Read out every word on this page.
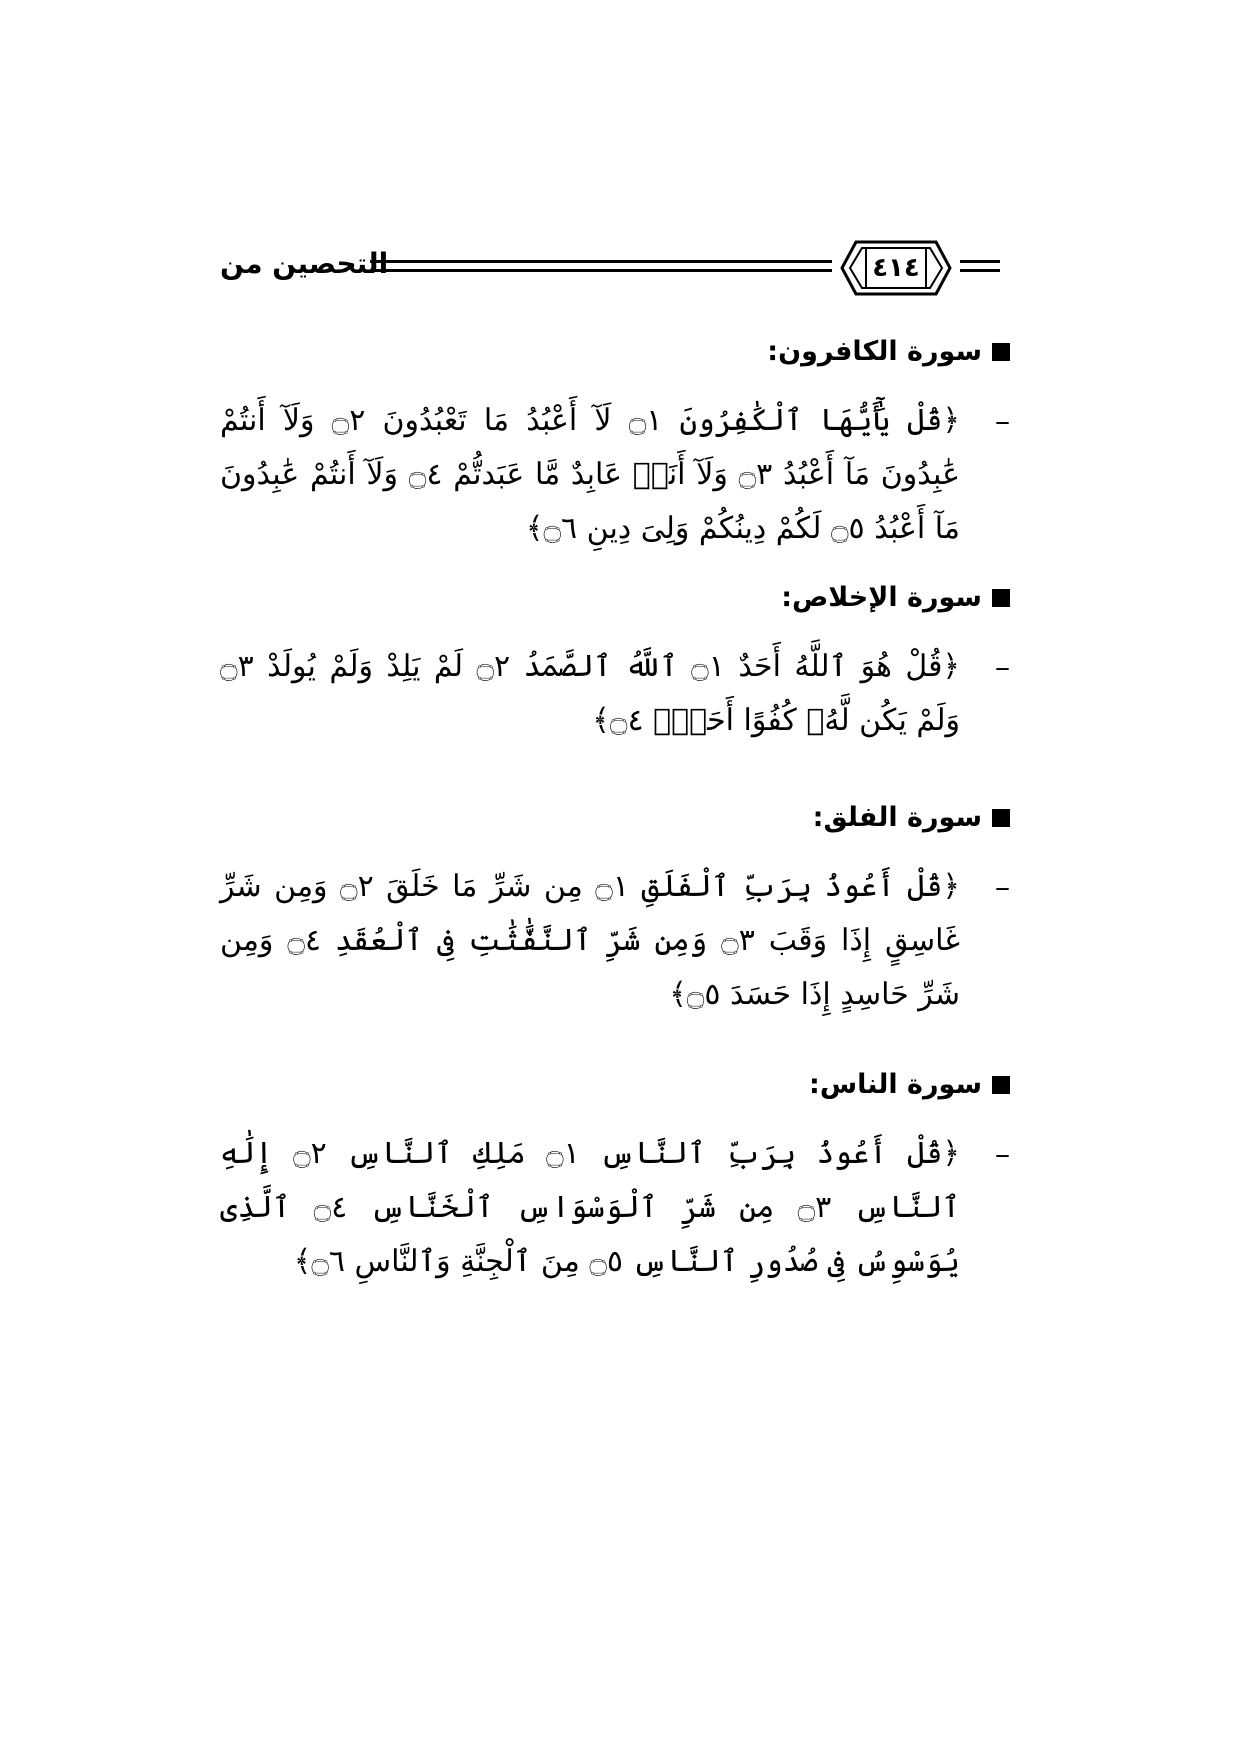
التحصين من	٤١٤
سورة الكافرون:
–
﴿قُلْ يَٰٓأَيُّهَا ٱلْكَٰفِرُونَ ۝١ لَآ أَعْبُدُ مَا تَعْبُدُونَ ۝٢ وَلَآ أَنتُمْ عَٰبِدُونَ مَآ أَعْبُدُ ۝٣ وَلَآ أَنَا۠ عَابِدٌ مَّا عَبَدتُّمْ ۝٤ وَلَآ أَنتُمْ عَٰبِدُونَ مَآ أَعْبُدُ ۝٥ لَكُمْ دِينُكُمْ وَلِىَ دِينِ ۝٦﴾
سورة الإخلاص:
–
﴿قُلْ هُوَ ٱللَّهُ أَحَدٌ ۝١ ٱللَّهُ ٱلصَّمَدُ ۝٢ لَمْ يَلِدْ وَلَمْ يُولَدْ ۝٣ وَلَمْ يَكُن لَّهُۥ كُفُوًا أَحَدٌۢ ۝٤﴾
سورة الفلق:
–
﴿قُلْ أَعُوذُ بِرَبِّ ٱلْفَلَقِ ۝١ مِن شَرِّ مَا خَلَقَ ۝٢ وَمِن شَرِّ غَاسِقٍ إِذَا وَقَبَ ۝٣ وَمِن شَرِّ ٱلنَّفَّٰثَٰتِ فِى ٱلْعُقَدِ ۝٤ وَمِن شَرِّ حَاسِدٍ إِذَا حَسَدَ ۝٥﴾
سورة الناس:
–
﴿قُلْ أَعُوذُ بِرَبِّ ٱلنَّاسِ ۝١ مَلِكِ ٱلنَّاسِ ۝٢ إِلَٰهِ ٱلنَّاسِ ۝٣ مِن شَرِّ ٱلْوَسْوَاسِ ٱلْخَنَّاسِ ۝٤ ٱلَّذِى يُوَسْوِسُ فِى صُدُورِ ٱلنَّاسِ ۝٥ مِنَ ٱلْجِنَّةِ وَٱلنَّاسِ ۝٦﴾
